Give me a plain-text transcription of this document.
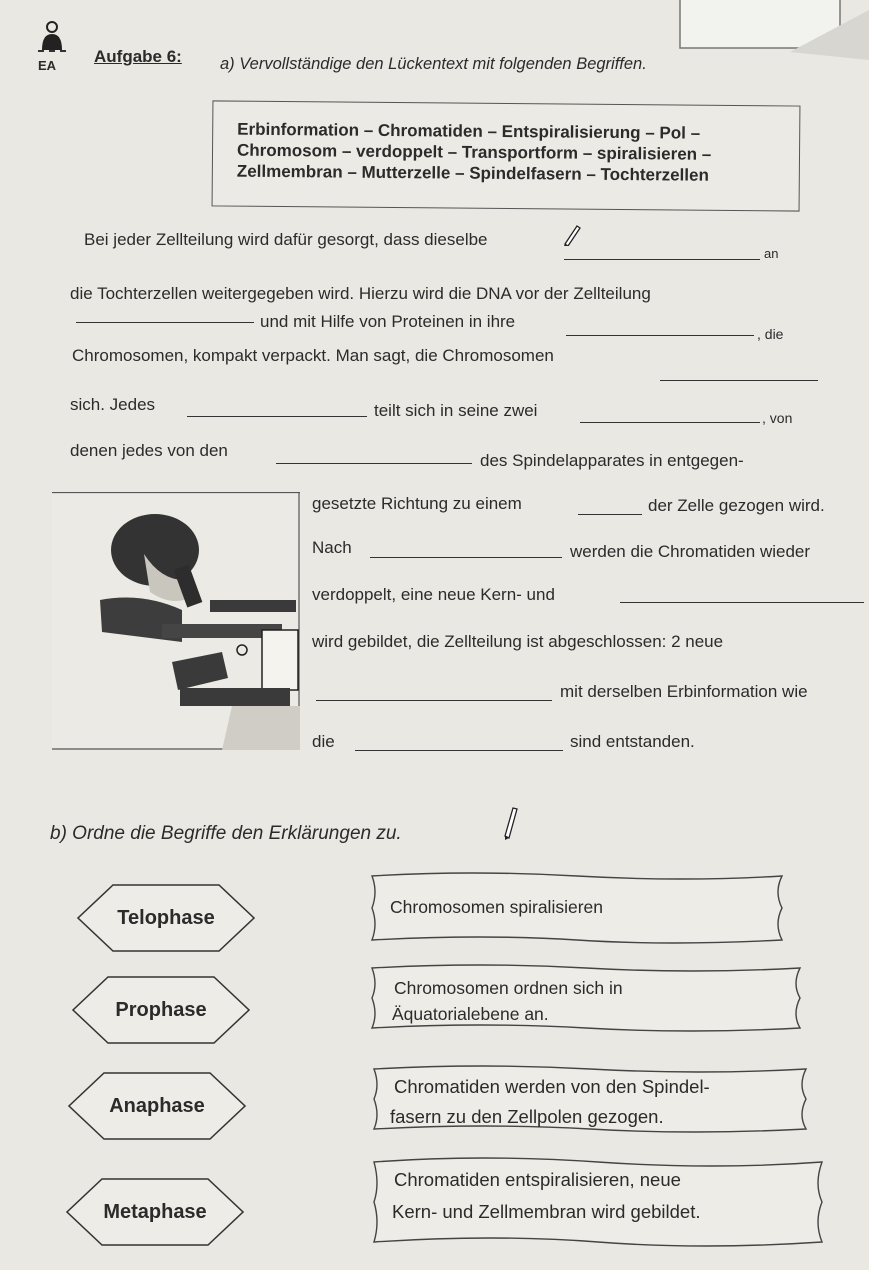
EA Aufgabe 6: a) Vervollständige den Lückentext mit folgenden Begriffen.
Erbinformation – Chromatiden – Entspiralisierung – Pol –
Chromosom – verdoppelt – Transportform – spiralisieren –
Zellmembran – Mutterzelle – Spindelfasern – Tochterzellen
Bei jeder Zellteilung wird dafür gesorgt, dass dieselbe
an
die Tochterzellen weitergegeben wird. Hierzu wird die DNA vor der Zellteilung
und mit Hilfe von Proteinen in ihre
, die
Chromosomen, kompakt verpackt. Man sagt, die Chromosomen
sich. Jedes	teilt sich in seine zwei	, von
denen jedes von den
des Spindelapparates in entgegen-
gesetzte Richtung zu einem	der Zelle gezogen wird.
Nach	werden die Chromatiden wieder
verdoppelt, eine neue Kern- und
wird gebildet, die Zellteilung ist abgeschlossen: 2 neue
mit derselben Erbinformation wie
die	sind entstanden.
b) Ordne die Begriffe den Erklärungen zu.
Telophase
Prophase
Anaphase
Metaphase
Chromosomen spiralisieren
Chromosomen ordnen sich in
Äquatorialebene an.
Chromatiden werden von den Spindel-
fasern zu den Zellpolen gezogen.
Chromatiden entspiralisieren, neue
Kern- und Zellmembran wird gebildet.
